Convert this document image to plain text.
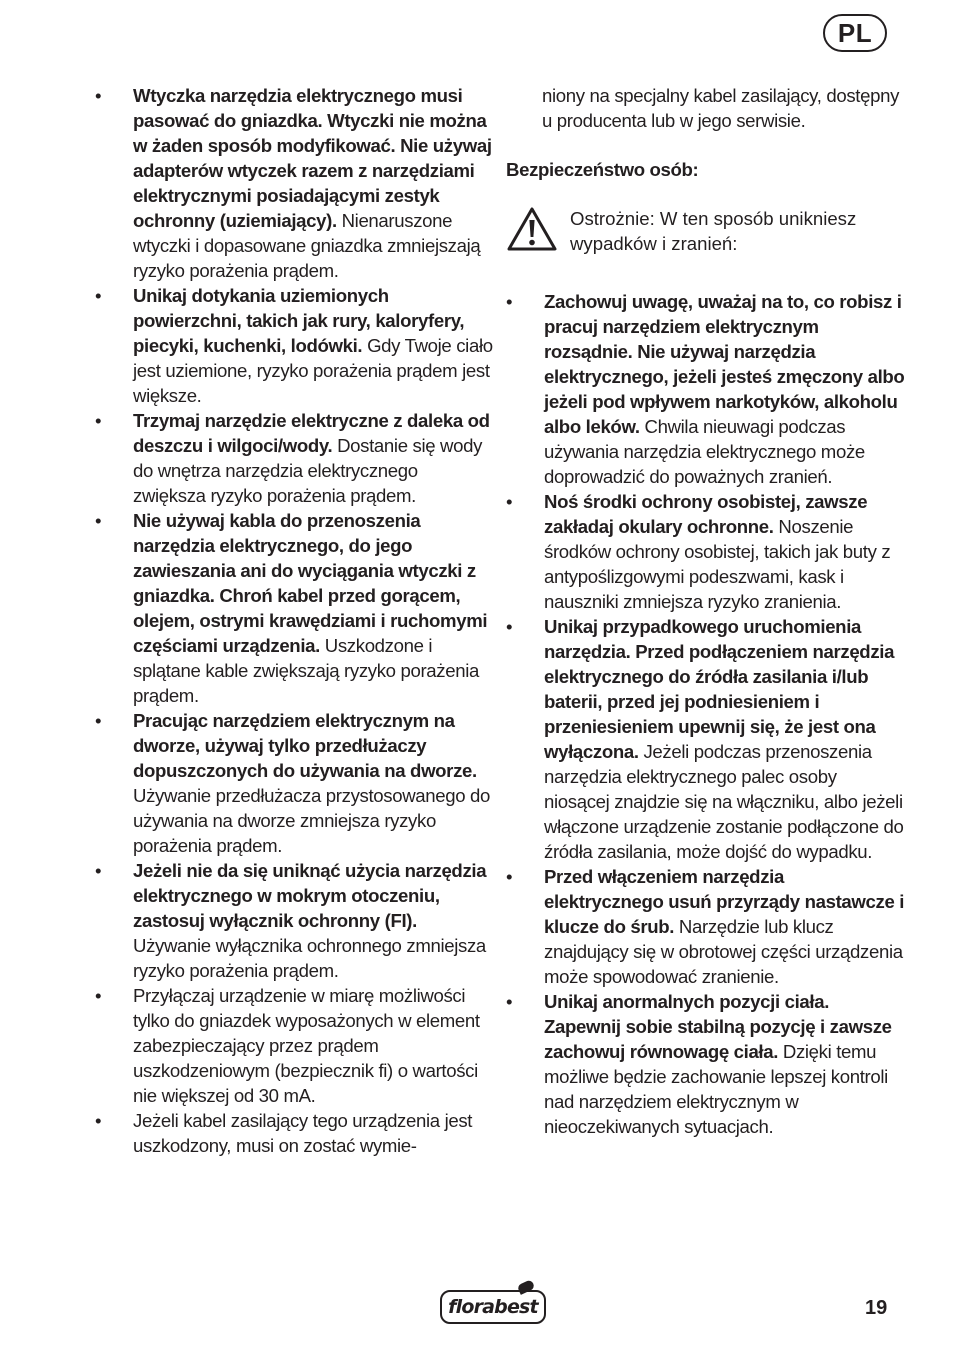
PL
•	Wtyczka narzędzia elektrycznego musi pasować do gniazdka. Wtyczki nie można w żaden sposób modyfikować. Nie używaj adapterów wtyczek razem z narzędziami elektrycznymi posiadającymi zestyk ochronny (uziemiający). Nienaruszone wtyczki i dopasowane gniazdka zmniejszają ryzyko porażenia prądem.
•	Unikaj dotykania uziemionych powierzchni, takich jak rury, kaloryfery, piecyki, kuchenki, lodówki. Gdy Twoje ciało jest uziemione, ryzyko porażenia prądem jest większe.
•	Trzymaj narzędzie elektryczne z daleka od deszczu i wilgoci/wody. Dostanie się wody do wnętrza narzędzia elektrycznego zwiększa ryzyko porażenia prądem.
•	Nie używaj kabla do przenoszenia narzędzia elektrycznego, do jego zawieszania ani do wyciągania wtyczki z gniazdka. Chroń kabel przed gorącem, olejem, ostrymi krawędziami i ruchomymi częściami urządzenia. Uszkodzone i splątane kable zwiększają ryzyko porażenia prądem.
•	Pracując narzędziem elektrycznym na dworze, używaj tylko przedłużaczy dopuszczonych do używania na dworze. Używanie przedłużacza przystosowanego do używania na dworze zmniejsza ryzyko porażenia prądem.
•	Jeżeli nie da się uniknąć użycia narzędzia elektrycznego w mokrym otoczeniu, zastosuj wyłącznik ochronny (FI). Używanie wyłącznika ochronnego zmniejsza ryzyko porażenia prądem.
•	Przyłączaj urządzenie w miarę możliwości tylko do gniazdek wyposażonych w element zabezpieczający przez prądem uszkodzeniowym (bezpiecznik fi) o wartości nie większej od 30 mA.
•	Jeżeli kabel zasilający tego urządzenia jest uszkodzony, musi on zostać wymie-
niony na specjalny kabel zasilający, dostępny u producenta lub w jego serwisie.
Bezpieczeństwo osób:
Ostrożnie: W ten sposób unikniesz wypadków i zranień:
•	Zachowuj uwagę, uważaj na to, co robisz i pracuj narzędziem elektrycznym rozsądnie. Nie używaj narzędzia elektrycznego, jeżeli jesteś zmęczony albo jeżeli pod wpływem narkotyków, alkoholu albo leków. Chwila nieuwagi podczas używania narzędzia elektrycznego może doprowadzić do poważnych zranień.
•	Noś środki ochrony osobistej, zawsze zakładaj okulary ochronne. Noszenie środków ochrony osobistej, takich jak buty z antypoślizgowymi podeszwami, kask i nauszniki zmniejsza ryzyko zranienia.
•	Unikaj przypadkowego uruchomienia narzędzia. Przed podłączeniem narzędzia elektrycznego do źródła zasilania i/lub baterii, przed jej podniesieniem i przeniesieniem upewnij się, że jest ona wyłączona. Jeżeli podczas przenoszenia narzędzia elektrycznego palec osoby niosącej znajdzie się na włączniku, albo jeżeli włączone urządzenie zostanie podłączone do źródła zasilania, może dojść do wypadku.
•	Przed włączeniem narzędzia elektrycznego usuń przyrządy nastawcze i klucze do śrub. Narzędzie lub klucz znajdujący się w obrotowej części urządzenia może spowodować zranienie.
•	Unikaj anormalnych pozycji ciała. Zapewnij sobie stabilną pozycję i zawsze zachowuj równowagę ciała. Dzięki temu możliwe będzie zachowanie lepszej kontroli nad narzędziem elektrycznym w nieoczekiwanych sytuacjach.
florabest	19
